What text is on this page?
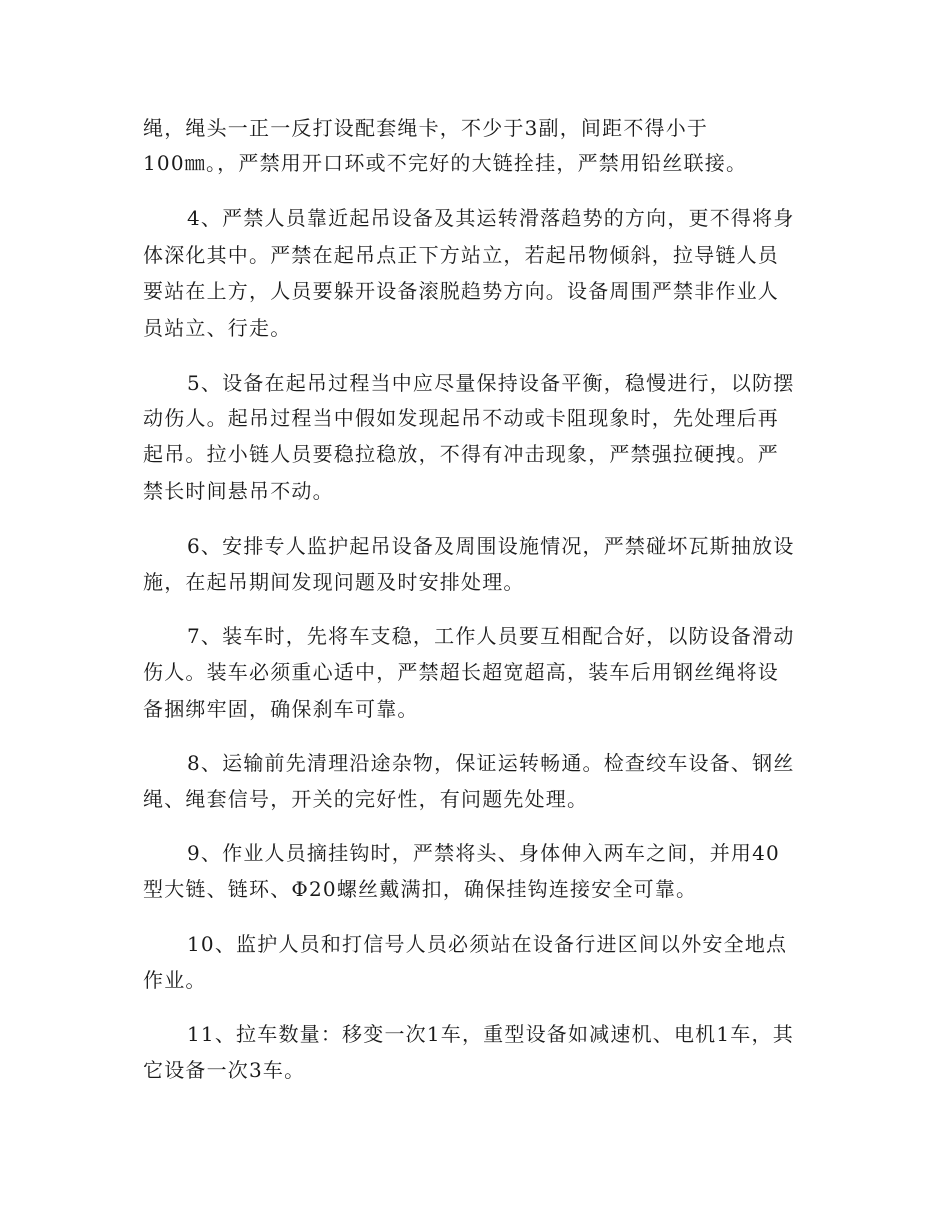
绳，绳头一正一反打设配套绳卡，不少于3副，间距不得小于
100㎜。，严禁用开口环或不完好的大链拴挂，严禁用铅丝联接。
4、严禁人员靠近起吊设备及其运转滑落趋势的方向，更不得将身
体深化其中。严禁在起吊点正下方站立，若起吊物倾斜，拉导链人员
要站在上方，人员要躲开设备滚脱趋势方向。设备周围严禁非作业人
员站立、行走。
5、设备在起吊过程当中应尽量保持设备平衡，稳慢进行，以防摆
动伤人。起吊过程当中假如发现起吊不动或卡阻现象时，先处理后再
起吊。拉小链人员要稳拉稳放，不得有冲击现象，严禁强拉硬拽。严
禁长时间悬吊不动。
6、安排专人监护起吊设备及周围设施情况，严禁碰坏瓦斯抽放设
施，在起吊期间发现问题及时安排处理。
7、装车时，先将车支稳，工作人员要互相配合好，以防设备滑动
伤人。装车必须重心适中，严禁超长超宽超高，装车后用钢丝绳将设
备捆绑牢固，确保刹车可靠。
8、运输前先清理沿途杂物，保证运转畅通。检查绞车设备、钢丝
绳、绳套信号，开关的完好性，有问题先处理。
9、作业人员摘挂钩时，严禁将头、身体伸入两车之间，并用40
型大链、链环、Φ20螺丝戴满扣，确保挂钩连接安全可靠。
10、监护人员和打信号人员必须站在设备行进区间以外安全地点
作业。
11、拉车数量：移变一次1车，重型设备如减速机、电机1车，其
它设备一次3车。
